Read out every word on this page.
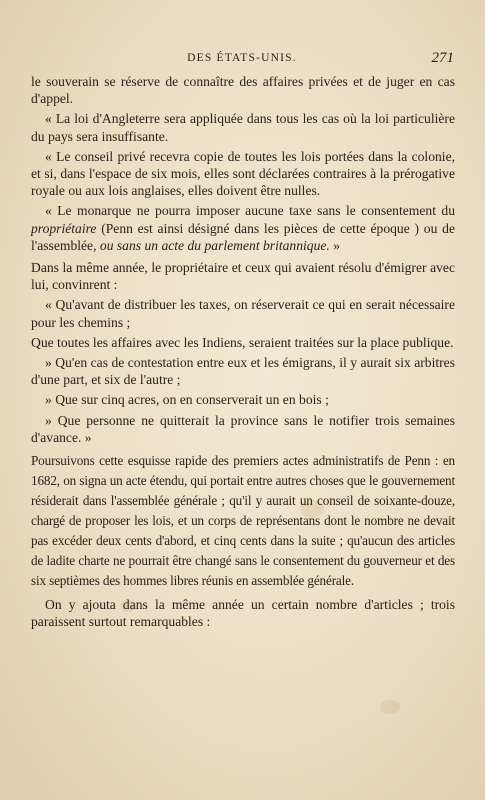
DES ÉTATS-UNIS.	271

le souverain se réserve de connaître des affaires privées et de juger en cas d'appel.

« La loi d'Angleterre sera appliquée dans tous les cas où la loi particulière du pays sera insuffisante.

« Le conseil privé recevra copie de toutes les lois portées dans la colonie, et si, dans l'espace de six mois, elles sont déclarées contraires à la prérogative royale ou aux lois anglaises, elles doivent être nulles.

« Le monarque ne pourra imposer aucune taxe sans le consentement du propriétaire (Penn est ainsi désigné dans les pièces de cette époque ) ou de l'assemblée, ou sans un acte du parlement britannique. »

Dans la même année, le propriétaire et ceux qui avaient résolu d'émigrer avec lui, convinrent :

« Qu'avant de distribuer les taxes, on réserverait ce qui en serait nécessaire pour les chemins ;

Que toutes les affaires avec les Indiens, seraient traitées sur la place publique.

» Qu'en cas de contestation entre eux et les émigrans, il y aurait six arbitres d'une part, et six de l'autre ;

» Que sur cinq acres, on en conserverait un en bois ;

» Que personne ne quitterait la province sans le notifier trois semaines d'avance. »

Poursuivons cette esquisse rapide des premiers actes administratifs de Penn : en 1682, on signa un acte étendu, qui portait entre autres choses que le gouvernement résiderait dans l'assemblée générale ; qu'il y aurait un conseil de soixante-douze, chargé de proposer les lois, et un corps de représentans dont le nombre ne devait pas excéder deux cents d'abord, et cinq cents dans la suite ; qu'aucun des articles de ladite charte ne pourrait être changé sans le consentement du gouverneur et des six septièmes des hommes libres réunis en assemblée générale.

On y ajouta dans la même année un certain nombre d'articles ; trois paraissent surtout remarquables :
